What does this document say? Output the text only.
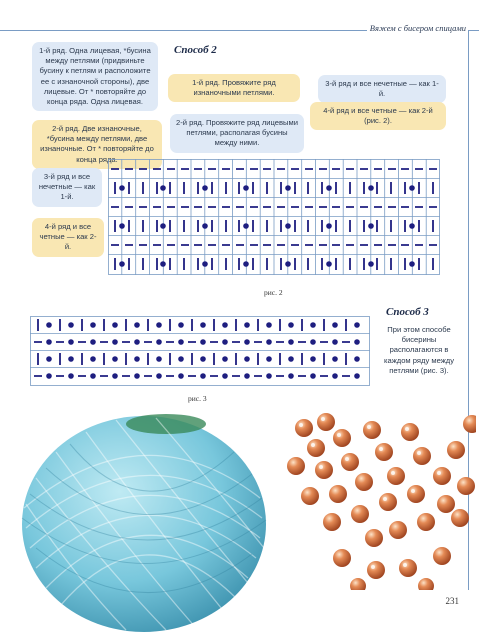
Вяжем с бисером спицами
1-й ряд. Одна лицевая, *бусина между петлями (придвиньте бусину к петлям и расположите ее с изнаночной стороны), две лицевые. От * повторяйте до конца ряда. Одна лицевая.
2-й ряд. Две изнаночные, *бусина между петлями, две изнаночные. От * повторяйте до конца ряда.
Способ 2
1-й ряд. Провяжите ряд изнаночными петлями.
2-й ряд. Провяжите ряд лицевыми петлями, располагая бусины между ними.
3-й ряд и все нечетные — как 1-й.
4-й ряд и все четные — как 2-й (рис. 2).
3-й ряд и все нечетные — как 1-й.
4-й ряд и все четные — как 2-й.
рис. 2
Способ 3
При этом способе бисерины располагаются в каждом ряду между петлями (рис. 3).
рис. 3
231
